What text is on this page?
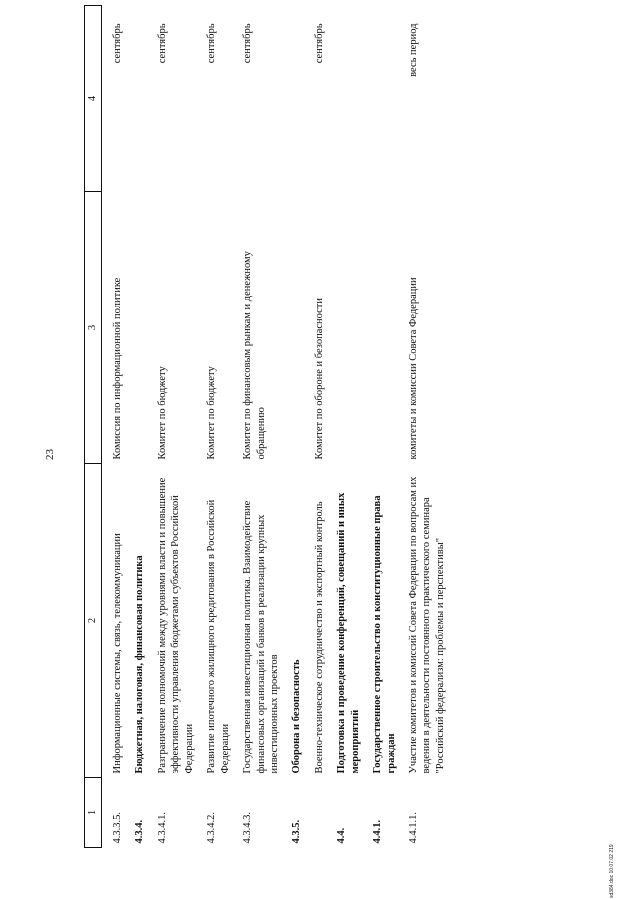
23
1	2	3	4
4.3.3.5.	Информационные системы, связь, телекоммуникации	Комиссия по информационной политике	сентябрь
4.3.4.	Бюджетная, налоговая, финансовая политика		
4.3.4.1.	Разграничение полномочий между уровнями власти и повышение эффективности управления бюджетами субъектов Российской Федерации	Комитет по бюджету	сентябрь
4.3.4.2.	Развитие ипотечного жилищного кредитования в Российской Федерации	Комитет по бюджету	сентябрь
4.3.4.3.	Государственная инвестиционная политика. Взаимодействие финансовых организаций и банков в реализации крупных инвестиционных проектов	Комитет по финансовым рынкам и денежному обращению	сентябрь
4.3.5.	Оборона и безопасность		
	Военно-техническое сотрудничество и экспортный контроль	Комитет по обороне и безопасности	сентябрь
4.4.	Подготовка и проведение конференций, совещаний и иных мероприятий		
4.4.1.	Государственное строительство и конституционные права граждан		
4.4.1.1.	Участие комитетов и комиссий Совета Федерации по вопросам их ведения в деятельности постоянного практического семинара "Российский федерализм: проблемы и перспективы"	комитеты и комиссии Совета Федерации	весь период
sd384.doc 10.07.02 219
